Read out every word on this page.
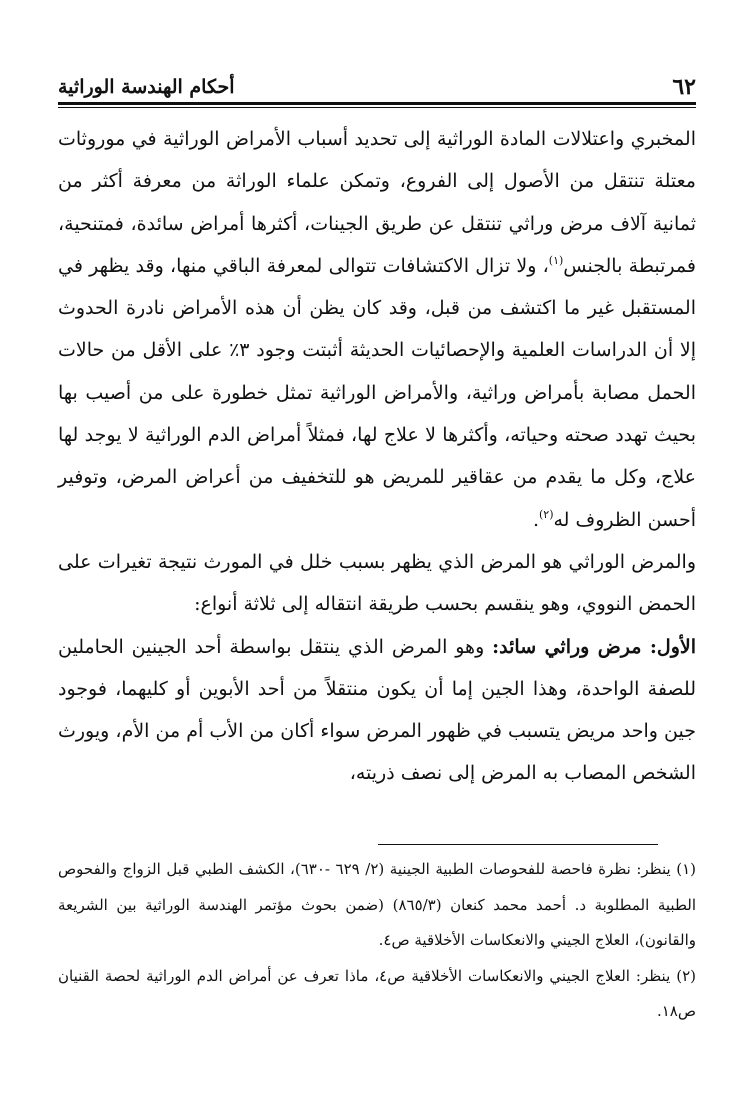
٦٢
أحكام الهندسة الوراثية

المخبري واعتلالات المادة الوراثية إلى تحديد أسباب الأمراض الوراثية في موروثات معتلة تنتقل من الأصول إلى الفروع، وتمكن علماء الوراثة من معرفة أكثر من ثمانية آلاف مرض وراثي تنتقل عن طريق الجينات، أكثرها أمراض سائدة، فمتنحية، فمرتبطة بالجنس$^{(١)}$، ولا تزال الاكتشافات تتوالى لمعرفة الباقي منها، وقد يظهر في المستقبل غير ما اكتشف من قبل، وقد كان يظن أن هذه الأمراض نادرة الحدوث إلا أن الدراسات العلمية والإحصائيات الحديثة أثبتت وجود ٣٪ على الأقل من حالات الحمل مصابة بأمراض وراثية، والأمراض الوراثية تمثل خطورة على من أصيب بها بحيث تهدد صحته وحياته، وأكثرها لا علاج لها، فمثلاً أمراض الدم الوراثية لا يوجد لها علاج، وكل ما يقدم من عقاقير للمريض هو للتخفيف من أعراض المرض، وتوفير أحسن الظروف له$^{(٢)}$.

والمرض الوراثي هو المرض الذي يظهر بسبب خلل في المورث نتيجة تغيرات على الحمض النووي، وهو ينقسم بحسب طريقة انتقاله إلى ثلاثة أنواع:

الأول: مرض وراثي سائد: وهو المرض الذي ينتقل بواسطة أحد الجينين الحاملين للصفة الواحدة، وهذا الجين إما أن يكون منتقلاً من أحد الأبوين أو كليهما، فوجود جين واحد مريض يتسبب في ظهور المرض سواء أكان من الأب أم من الأم، ويورث الشخص المصاب به المرض إلى نصف ذريته،

(١) ينظر: نظرة فاحصة للفحوصات الطبية الجينية (٢/ ٦٢٩ -٦٣٠)، الكشف الطبي قبل الزواج والفحوص الطبية المطلوبة د. أحمد محمد كنعان (٨٦٥/٣) (ضمن بحوث مؤتمر الهندسة الوراثية بين الشريعة والقانون)، العلاج الجيني والانعكاسات الأخلاقية ص٤.

(٢) ينظر: العلاج الجيني والانعكاسات الأخلاقية ص٤، ماذا تعرف عن أمراض الدم الوراثية لحصة القنيان ص١٨.
